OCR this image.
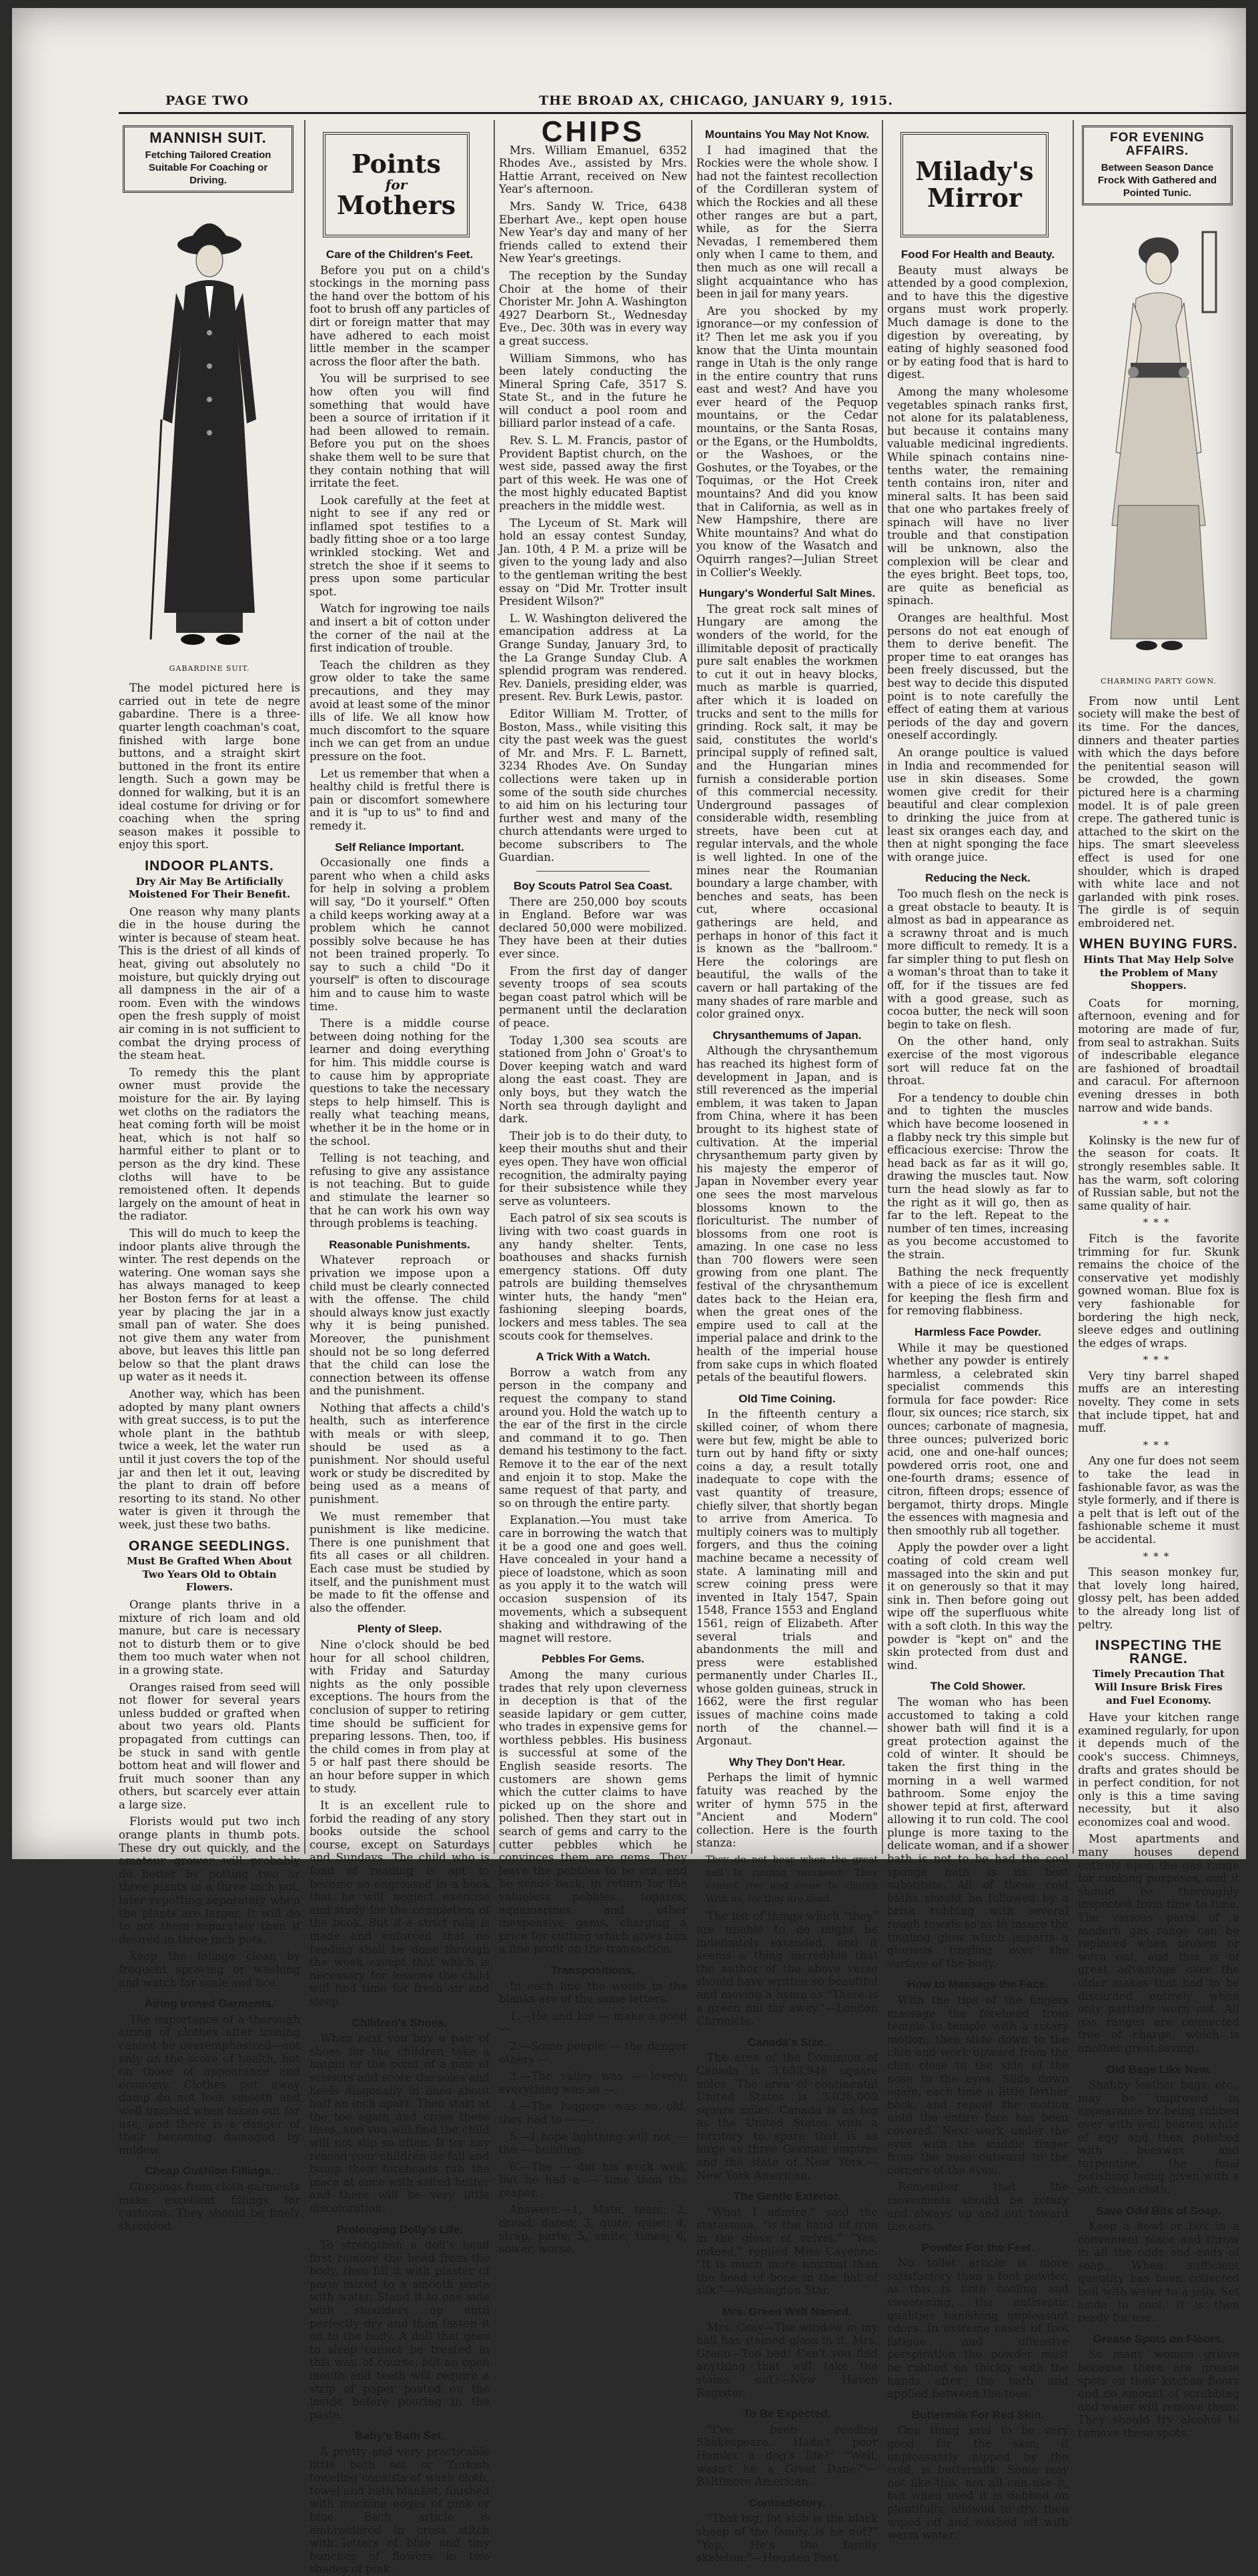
PAGE TWO	THE BROAD AX, CHICAGO, JANUARY 9, 1915.
MANNISH SUIT.
Fetching Tailored Creation Suitable For Coaching or Driving.
GABARDINE SUIT.

The model pictured here is carried out in tete de negre gabardine. There is a three-quarter length coachman's coat, finished with large bone buttons, and a straight skirt buttoned in the front its entire length. Such a gown may be donned for walking, but it is an ideal costume for driving or for coaching when the spring season makes it possible to enjoy this sport.

INDOOR PLANTS.
Dry Air May Be Artificially Moistened For Their Benefit.

One reason why many plants die in the house during the winter is because of steam heat. This is the driest of all kinds of heat, giving out absolutely no moisture, but quickly drying out all dampness in the air of a room. Even with the windows open the fresh supply of moist air coming in is not sufficient to combat the drying process of the steam heat.

To remedy this the plant owner must provide the moisture for the air. By laying wet cloths on the radiators the heat coming forth will be moist heat, which is not half so harmful either to plant or to person as the dry kind. These cloths will have to be remoistened often. It depends largely on the amount of heat in the radiator.

This will do much to keep the indoor plants alive through the winter. The rest depends on the watering. One woman says she has always managed to keep her Boston ferns for at least a year by placing the jar in a small pan of water. She does not give them any water from above, but leaves this little pan below so that the plant draws up water as it needs it.

Another way, which has been adopted by many plant owners with great success, is to put the whole plant in the bathtub twice a week, let the water run until it just covers the top of the jar and then let it out, leaving the plant to drain off before resorting to its stand. No other water is given it through the week, just these two baths.

ORANGE SEEDLINGS.
Must Be Grafted When About Two Years Old to Obtain Flowers.

Orange plants thrive in a mixture of rich loam and old manure, but care is necessary not to disturb them or to give them too much water when not in a growing state.

Oranges raised from seed will not flower for several years unless budded or grafted when about two years old. Plants propagated from cuttings can be stuck in sand with gentle bottom heat and will flower and fruit much sooner than any others, but scarcely ever attain a large size.

Florists would put two inch orange plants in thumb pots. These dry out quickly, and the amateur grower will probably do better by potting two or three plants in a three inch pot, later repotting separately when the plants are larger. It will do to pot them separately then if desired in three inch pots.

Keep the foliage clean by frequent spraying or washing and watch for scale and lice.

Airing Ironed Garments.

The importance of a thorough airing of clothes after ironing cannot be overemphasized—not only on the score of health, but on those of appearance and economy. Clothes put away damp do not look smooth and well finished when taken out for use, and there is a danger of their becoming damaged by mildew.

Cheap Cushion Fillings.

Clippings from cloth garments make excellent fillings for cushions. They should be finely shredded.

Points
for
Mothers
Care of the Children's Feet.

Before you put on a child's stockings in the morning pass the hand over the bottom of his foot to brush off any particles of dirt or foreign matter that may have adhered to each moist little member in the scamper across the floor after the bath.

You will be surprised to see how often you will find something that would have been a source of irritation if it had been allowed to remain. Before you put on the shoes shake them well to be sure that they contain nothing that will irritate the feet.

Look carefully at the feet at night to see if any red or inflamed spot testifies to a badly fitting shoe or a too large wrinkled stocking. Wet and stretch the shoe if it seems to press upon some particular spot.

Watch for ingrowing toe nails and insert a bit of cotton under the corner of the nail at the first indication of trouble.

Teach the children as they grow older to take the same precautions, and they may avoid at least some of the minor ills of life. We all know how much discomfort to the square inch we can get from an undue pressure on the foot.

Let us remember that when a healthy child is fretful there is pain or discomfort somewhere and it is "up to us" to find and remedy it.

Self Reliance Important.

Occasionally one finds a parent who when a child asks for help in solving a problem will say, "Do it yourself." Often a child keeps working away at a problem which he cannot possibly solve because he has not been trained properly. To say to such a child "Do it yourself" is often to discourage him and to cause him to waste time.

There is a middle course between doing nothing for the learner and doing everything for him. This middle course is to cause him by appropriate questions to take the necessary steps to help himself. This is really what teaching means, whether it be in the home or in the school.

Telling is not teaching, and refusing to give any assistance is not teaching. But to guide and stimulate the learner so that he can work his own way through problems is teaching.

Reasonable Punishments.

Whatever reproach or privation we impose upon a child must be clearly connected with the offense. The child should always know just exactly why it is being punished. Moreover, the punishment should not be so long deferred that the child can lose the connection between its offense and the punishment.

Nothing that affects a child's health, such as interference with meals or with sleep, should be used as a punishment. Nor should useful work or study be discredited by being used as a means of punishment.

We must remember that punishment is like medicine. There is one punishment that fits all cases or all children. Each case must be studied by itself, and the punishment must be made to fit the offense and also the offender.

Plenty of Sleep.

Nine o'clock should be bed hour for all school children, with Friday and Saturday nights as the only possible exceptions. The hours from the conclusion of supper to retiring time should be sufficient for preparing lessons. Then, too, if the child comes in from play at 5 or half past there should be an hour before supper in which to study.

It is an excellent rule to forbid the reading of any story books outside the school course, except on Saturdays and Sundays. The child who is fond of reading is apt to become so engrossed in a book that he will neglect exercise and study for the completion of the book. But if a strict rule is made and enforced that no reading shall be done through the week except that which is necessary for lessons the child will find time for fresh air and sleep.

Children's Shoes.

When next you buy a pair of shoes for the children take a hatpin or the point of a pair of scissors and score the soles and heels diagonally in lines about half an inch apart. Then start at the toe again and cross these lines, and you will find the child will not slip so often. If for any reason your children do fall and bump their foreheads rub the place at once with salted butter and there will be very little discoloration.

Prolonging Dolly's Life.

To strengthen a doll's head first remove the head from the body, then fill it with plaster of paris mixed to a smooth paste with water. Stand it to one side with shoulders up until perfectly dry and then fasten it on to the body. A doll that goes to sleep cannot be treated in this way, of course, but an open mouth and teeth will require a strip of paper pasted on the inside before pouring in the paste.

Baby's Bath Set.

A pretty and very practicable little bath set or Turkish toweling consists of wash cloth, towel and bath blanket, finished with machine edges of pink or blue. Each article is embroidered in cross stitch with letters of blue and tiny bunches of flowers in two shades of pink.

CHIPS

Mrs. William Emanuel, 6352 Rhodes Ave., assisted by Mrs. Hattie Arrant, received on New Year's afternoon.

Mrs. Sandy W. Trice, 6438 Eberhart Ave., kept open house New Year's day and many of her friends called to extend their New Year's greetings.

The reception by the Sunday Choir at the home of their Chorister Mr. John A. Washington 4927 Dearborn St., Wednesday Eve., Dec. 30th was in every way a great success.

William Simmons, who has been lately conducting the Mineral Spring Cafe, 3517 S. State St., and in the future he will conduct a pool room and billiard parlor instead of a cafe.

Rev. S. L. M. Francis, pastor of Provident Baptist church, on the west side, passed away the first part of this week. He was one of the most highly educated Baptist preachers in the middle west.

The Lyceum of St. Mark will hold an essay contest Sunday, Jan. 10th, 4 P. M. a prize will be given to the young lady and also to the gentleman writing the best essay on "Did Mr. Trotter insult President Wilson?"

L. W. Washington delivered the emancipation address at La Grange Sunday, January 3rd, to the La Grange Sunday Club. A splendid program was rendered. Rev. Daniels, presiding elder, was present. Rev. Burk Lewis, pastor.

Editor William M. Trotter, of Boston, Mass., while visiting this city the past week was the guest of Mr. and Mrs. F. L. Barnett, 3234 Rhodes Ave. On Sunday collections were taken up in some of the south side churches to aid him on his lecturing tour further west and many of the church attendants were urged to become subscribers to The Guardian.

Boy Scouts Patrol Sea Coast.

There are 250,000 boy scouts in England. Before war was declared 50,000 were mobilized. They have been at their duties ever since.

From the first day of danger seventy troops of sea scouts began coast patrol which will be permanent until the declaration of peace.

Today 1,300 sea scouts are stationed from John o' Groat's to Dover keeping watch and ward along the east coast. They are only boys, but they watch the North sea through daylight and dark.

Their job is to do their duty, to keep their mouths shut and their eyes open. They have won official recognition, the admiralty paying for their subsistence while they serve as volunteers.

Each patrol of six sea scouts is living with two coast guards in any handy shelter. Tents, boathouses and shacks furnish emergency stations. Off duty patrols are building themselves winter huts, the handy "men" fashioning sleeping boards, lockers and mess tables. The sea scouts cook for themselves.

A Trick With a Watch.

Borrow a watch from any person in the company and request the company to stand around you. Hold the watch up to the ear of the first in the circle and command it to go. Then demand his testimony to the fact. Remove it to the ear of the next and enjoin it to stop. Make the same request of that party, and so on through the entire party.

Explanation.—You must take care in borrowing the watch that it be a good one and goes well. Have concealed in your hand a piece of loadstone, which as soon as you apply it to the watch will occasion suspension of its movements, which a subsequent shaking and withdrawing of the magnet will restore.

Pebbles For Gems.

Among the many curious trades that rely upon cleverness in deception is that of the seaside lapidary or gem cutter, who trades in expensive gems for worthless pebbles. His business is successful at some of the English seaside resorts. The customers are shown gems which the cutter claims to have picked up on the shore and polished. Then they start out in search of gems and carry to the cutter pebbles which he convinces them are gems. They leave the pebbles to be cut, and he sends back, in return for the valueless pebbles, topazes, aquamarines and other inexpensive gems, charging a price for cutting which gives him a fine profit on the transaction.

Transpositions.

In each line the words in the blanks are of the same letters.

1.—He and his — make a good —.

2.—Some people — the danger others —.

3.—The valley was — lovely; everything was so —.

4.—The luggage was so old, they had to — —.

5.—I hope lightning will not — the — building.

6.—The — did his work well, but he had a — time than the reaper.

Answers.—1, Mate, team; 2, dread, dared; 3, quite, quiet; 4, strap, parts; 5, smite, times; 6, sower, worse.

Mountains You May Not Know.

I had imagined that the Rockies were the whole show. I had not the faintest recollection of the Cordilleran system of which the Rockies and all these other ranges are but a part, while, as for the Sierra Nevadas, I remembered them only when I came to them, and then much as one will recall a slight acquaintance who has been in jail for many years.

Are you shocked by my ignorance—or my confession of it? Then let me ask you if you know that the Uinta mountain range in Utah is the only range in the entire country that runs east and west? And have you ever heard of the Pequop mountains, or the Cedar mountains, or the Santa Rosas, or the Egans, or the Humboldts, or the Washoes, or the Goshutes, or the Toyabes, or the Toquimas, or the Hot Creek mountains? And did you know that in California, as well as in New Hampshire, there are White mountains? And what do you know of the Wasatch and Oquirrh ranges?—Julian Street in Collier's Weekly.

Hungary's Wonderful Salt Mines.

The great rock salt mines of Hungary are among the wonders of the world, for the illimitable deposit of practically pure salt enables the workmen to cut it out in heavy blocks, much as marble is quarried, after which it is loaded on trucks and sent to the mills for grinding. Rock salt, it may be said, constitutes the world's principal supply of refined salt, and the Hungarian mines furnish a considerable portion of this commercial necessity. Underground passages of considerable width, resembling streets, have been cut at regular intervals, and the whole is well lighted. In one of the mines near the Roumanian boundary a large chamber, with benches and seats, has been cut, where occasional gatherings are held, and perhaps in honor of this fact it is known as the "ballroom." Here the colorings are beautiful, the walls of the cavern or hall partaking of the many shades of rare marble and color grained onyx.

Chrysanthemums of Japan.

Although the chrysanthemum has reached its highest form of development in Japan, and is still reverenced as the imperial emblem, it was taken to Japan from China, where it has been brought to its highest state of cultivation. At the imperial chrysanthemum party given by his majesty the emperor of Japan in November every year one sees the most marvelous blossoms known to the floriculturist. The number of blossoms from one root is amazing. In one case no less than 700 flowers were seen growing from one plant. The festival of the chrysanthemum dates back to the Heian era, when the great ones of the empire used to call at the imperial palace and drink to the health of the imperial house from sake cups in which floated petals of the beautiful flowers.

Old Time Coining.

In the fifteenth century a skilled coiner, of whom there were but few, might be able to turn out by hand fifty or sixty coins a day, a result totally inadequate to cope with the vast quantity of treasure, chiefly silver, that shortly began to arrive from America. To multiply coiners was to multiply forgers, and thus the coining machine became a necessity of state. A laminating mill and screw coining press were invented in Italy 1547, Spain 1548, France 1553 and England 1561, reign of Elizabeth. After several trials and abandonments the mill and press were established permanently under Charles II., whose golden guineas, struck in 1662, were the first regular issues of machine coins made north of the channel.—Argonaut.

Why They Don't Hear.

Perhaps the limit of hymnic fatuity was reached by the writer of hymn 575 in the "Ancient and Modern" collection. Here is the fourth stanza:

They do not hear when the great bell Is ringing overhead; They cannot rise and come to church With us, for they are dead.

The list of things which "they" are unable to do might be indefinitely extended, and it seems a thing incredible that the author of the above verse should have written so beautiful and moving a hymn as "There is a green hill far away."—London Chronicle.

Canada's Size.

The area of the Dominion of Canada is 3,653,946 square miles. The area of continental United States is 3,026,000 square miles. Canada is as big as the United States with a territory to spare that is as large as three German empires and the state of New York.—New York American.

The Gentle Exterior.

"What I admire," said the statesman, "is the hand of iron in the glove of velvet." "Yes, indeed," replied Miss Cayenne. "It is much more unusual than the head of bone in the hat of silk."—Washington Star.

Mrs. Green Well Named.

Mrs. Gray—The window in my hall has stained glass in it. Mrs. Green—Too bad! Can't you find anything that will take the stains out?—New Haven Register.

To Be Expected.

"I've been reading Shakespeare. Hadn't poor Hamlet a dog's life?" "Well, wasn't he a Great Dane?"—Baltimore American.

Contradictory.

"That big, fat slob is the black sheep of the family, is he not?" "Yep. He's the family skeleton."—Houston Post.

Milady's
Mirror
Food For Health and Beauty.

Beauty must always be attended by a good complexion, and to have this the digestive organs must work properly. Much damage is done to the digestion by overeating, by eating of highly seasoned food or by eating food that is hard to digest.

Among the many wholesome vegetables spinach ranks first, not alone for its palatableness, but because it contains many valuable medicinal ingredients. While spinach contains nine-tenths water, the remaining tenth contains iron, niter and mineral salts. It has been said that one who partakes freely of spinach will have no liver trouble and that constipation will be unknown, also the complexion will be clear and the eyes bright. Beet tops, too, are quite as beneficial as spinach.

Oranges are healthful. Most persons do not eat enough of them to derive benefit. The proper time to eat oranges has been freely discussed, but the best way to decide this disputed point is to note carefully the effect of eating them at various periods of the day and govern oneself accordingly.

An orange poultice is valued in India and recommended for use in skin diseases. Some women give credit for their beautiful and clear complexion to drinking the juice from at least six oranges each day, and then at night sponging the face with orange juice.

Reducing the Neck.

Too much flesh on the neck is a great obstacle to beauty. It is almost as bad in appearance as a scrawny throat and is much more difficult to remedy. It is a far simpler thing to put flesh on a woman's throat than to take it off, for if the tissues are fed with a good grease, such as cocoa butter, the neck will soon begin to take on flesh.

On the other hand, only exercise of the most vigorous sort will reduce fat on the throat.

For a tendency to double chin and to tighten the muscles which have become loosened in a flabby neck try this simple but efficacious exercise: Throw the head back as far as it will go, drawing the muscles taut. Now turn the head slowly as far to the right as it will go, then as far to the left. Repeat to the number of ten times, increasing as you become accustomed to the strain.

Bathing the neck frequently with a piece of ice is excellent for keeping the flesh firm and for removing flabbiness.

Harmless Face Powder.

While it may be questioned whether any powder is entirely harmless, a celebrated skin specialist commends this formula for face powder: Rice flour, six ounces; rice starch, six ounces; carbonate of magnesia, three ounces; pulverized boric acid, one and one-half ounces; powdered orris root, one and one-fourth drams; essence of citron, fifteen drops; essence of bergamot, thirty drops. Mingle the essences with magnesia and then smoothly rub all together.

Apply the powder over a light coating of cold cream well massaged into the skin and put it on generously so that it may sink in. Then before going out wipe off the superfluous white with a soft cloth. In this way the powder is "kept on" and the skin protected from dust and wind.

The Cold Shower.

The woman who has been accustomed to taking a cold shower bath will find it is a great protection against the cold of winter. It should be taken the first thing in the morning in a well warmed bathroom. Some enjoy the shower tepid at first, afterward allowing it to run cold. The cool plunge is more taxing to the delicate woman, and if a shower bath is not to be had the cool sponge bath is its best substitute. All of these cold baths should be followed by a brisk rubbing with several rough towels so as to insure the tingling glow which imparts a glorious tingling over the surface of the body.

How to Massage the Face.

With the tips of the fingers massage the forehead from temple to temple with a rotary motion; then slide down to the chin and work upward from the chin close to the side of the nose to the eyes. Slide down again, each time a little farther back, and repeat the motion until the entire face has been covered. Next work under the eyes with the middle finger from the nose outward to the corners of the eyes.

Remember that the movements should be rotary and always up and out toward the ears.

Powder For the Feet.

No toilet article is more satisfactory than a foot powder, as this is both cooling and sweetening, the antiseptic qualities banishing unpleasant odors. In extreme cases of foot fatigue and offensive perspiration the powder must be rubbed on thickly with the hands after the bath and applied between the toes.

Buttermilk For Red Skin.

One thing said to be very good for the skin, if unpleasantly nipped by the cold, is buttermilk. Some may not like this, not all can use it, but when used it is dabbed on plentifully, allowed to dry, then wiped off and washed off with warm water.

FOR EVENING AFFAIRS.
Between Season Dance Frock With Gathered and Pointed Tunic.
CHARMING PARTY GOWN.

From now until Lent society will make the best of its time. For the dances, dinners and theater parties with which the days before the penitential season will be crowded, the gown pictured here is a charming model. It is of pale green crepe. The gathered tunic is attached to the skirt on the hips. The smart sleeveless effect is used for one shoulder, which is draped with white lace and not garlanded with pink roses. The girdle is of sequin embroidered net.

WHEN BUYING FURS.
Hints That May Help Solve the Problem of Many Shoppers.

Coats for morning, afternoon, evening and for motoring are made of fur, from seal to astrakhan. Suits of indescribable elegance are fashioned of broadtail and caracul. For afternoon evening dresses in both narrow and wide bands.

***

Kolinsky is the new fur of the season for coats. It strongly resembles sable. It has the warm, soft coloring of Russian sable, but not the same quality of hair.

***

Fitch is the favorite trimming for fur. Skunk remains the choice of the conservative yet modishly gowned woman. Blue fox is very fashionable for bordering the high neck, sleeve edges and outlining the edges of wraps.

***

Very tiny barrel shaped muffs are an interesting novelty. They come in sets that include tippet, hat and muff.

***

Any one fur does not seem to take the lead in fashionable favor, as was the style formerly, and if there is a pelt that is left out of the fashionable scheme it must be accidental.

***

This season monkey fur, that lovely long haired, glossy pelt, has been added to the already long list of peltry.

INSPECTING THE RANGE.
Timely Precaution That Will Insure Brisk Fires and Fuel Economy.

Have your kitchen range examined regularly, for upon it depends much of the cook's success. Chimneys, drafts and grates should be in perfect condition, for not only is this a time saving necessity, but it also economizes coal and wood.

Most apartments and many houses depend entirely upon the gas range for cooking purposes, and it should be thoroughly inspected from time to time. The various parts of a modern gas range can be replaced when broken or worn out, and this is of great advantage over the older makes that had to be discarded entirely when only partially worn out. All gas ranges are connected free of charge, which is another great saving.

Old Bags Like New.

Shabby leather bags, etc., may be improved in appearance by being rubbed over with well beaten white of egg and then polished with beeswax and turpentine, the final polishing being given with a soft, clean cloth.

Save Odd Bits of Soap.

Keep a bowl or box in a convenient place and throw in all the odds and ends of soap. When sufficient quantity has been collected boil with water to a jelly. Set aside to cool. It is then ready for use.

Grease Spots on Floors.

So many women grieve because there are grease spots on their kitchen floors and no amount of scrubbing and water will remove them. They should try alcohol to remove these spots.
